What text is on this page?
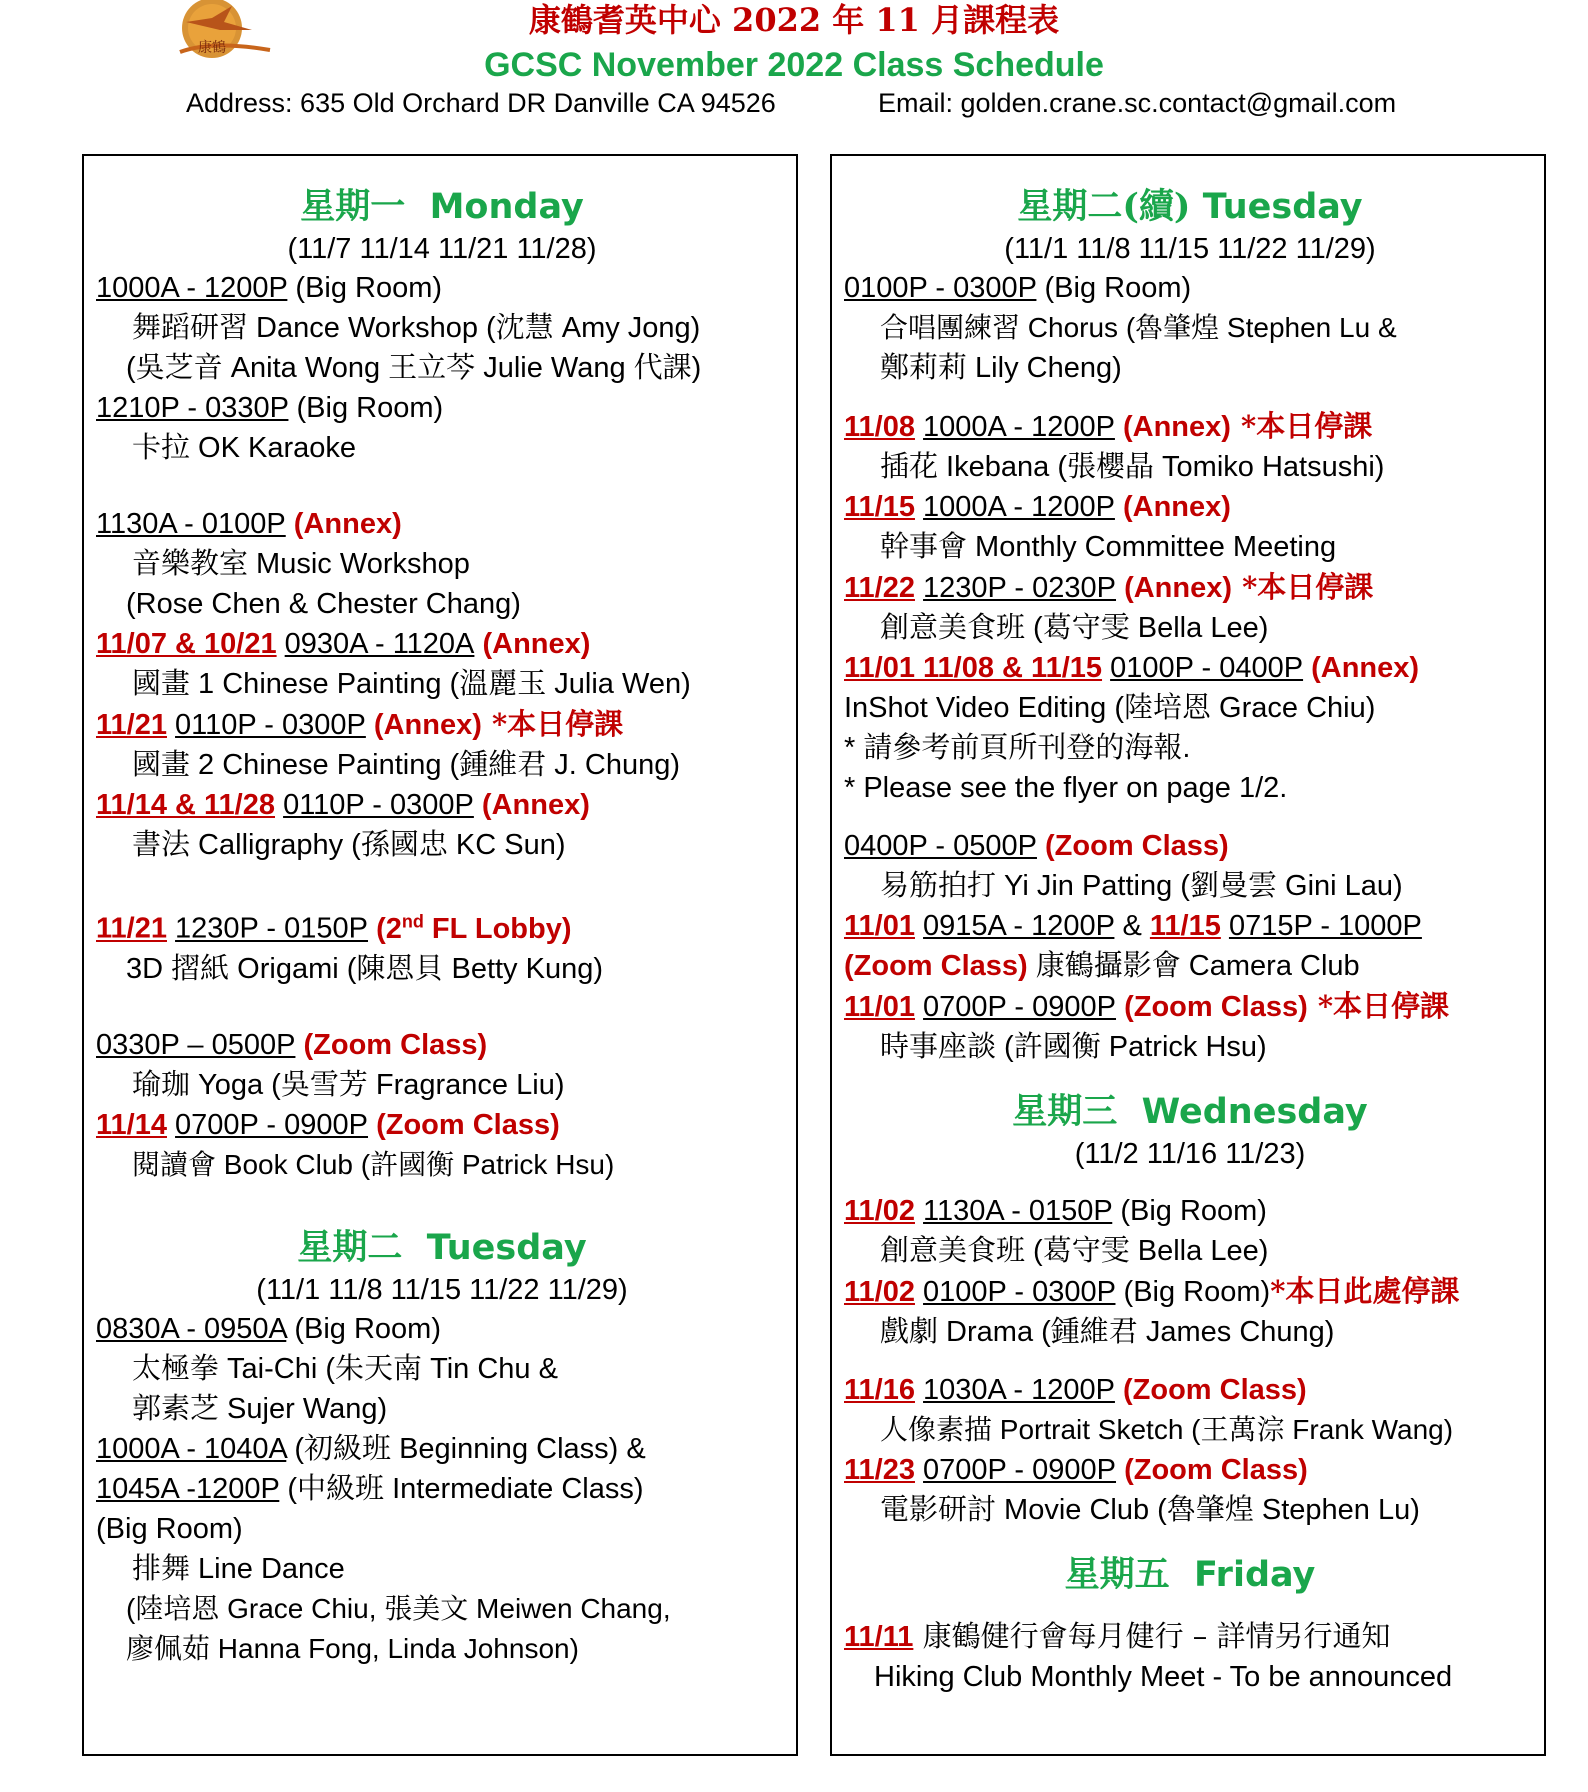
康鶴
康鶴耆英中心 2022 年 11 月課程表
GCSC November 2022 Class Schedule
Address: 635 Old Orchard DR Danville CA 94526	Email: golden.crane.sc.contact@gmail.com
星期一 Monday
(11/7 11/14 11/21 11/28)
1000A - 1200P (Big Room)
舞蹈研習 Dance Workshop (沈慧 Amy Jong)
(吳芝音 Anita Wong 王立芩 Julie Wang 代課)
1210P - 0330P (Big Room)
卡拉 OK Karaoke
1130A - 0100P (Annex)
音樂教室 Music Workshop
(Rose Chen & Chester Chang)
11/07 & 10/21 0930A - 1120A (Annex)
國畫 1 Chinese Painting (溫麗玉 Julia Wen)
11/21 0110P - 0300P (Annex) *本日停課
國畫 2 Chinese Painting (鍾維君 J. Chung)
11/14 & 11/28 0110P - 0300P (Annex)
書法 Calligraphy (孫國忠 KC Sun)
11/21 1230P - 0150P (2nd FL Lobby)
3D 摺紙 Origami (陳恩貝 Betty Kung)
0330P – 0500P (Zoom Class)
瑜珈 Yoga (吳雪芳 Fragrance Liu)
11/14 0700P - 0900P (Zoom Class)
閱讀會 Book Club (許國衡 Patrick Hsu)
星期二 Tuesday
(11/1 11/8 11/15 11/22 11/29)
0830A - 0950A (Big Room)
太極拳 Tai-Chi (朱天南 Tin Chu &
郭素芝 Sujer Wang)
1000A - 1040A (初級班 Beginning Class) &
1045A -1200P (中級班 Intermediate Class)
(Big Room)
排舞 Line Dance
(陸培恩 Grace Chiu, 張美文 Meiwen Chang,
廖佩茹 Hanna Fong, Linda Johnson)
星期二(續) Tuesday
(11/1 11/8 11/15 11/22 11/29)
0100P - 0300P (Big Room)
合唱團練習 Chorus (魯肇煌 Stephen Lu &
鄭莉莉 Lily Cheng)
11/08 1000A - 1200P (Annex) *本日停課
插花 Ikebana (張櫻晶 Tomiko Hatsushi)
11/15 1000A - 1200P (Annex)
幹事會 Monthly Committee Meeting
11/22 1230P - 0230P (Annex) *本日停課
創意美食班 (葛守雯 Bella Lee)
11/01 11/08 & 11/15 0100P - 0400P (Annex)
InShot Video Editing (陸培恩 Grace Chiu)
* 請參考前頁所刊登的海報.
* Please see the flyer on page 1/2.
0400P - 0500P (Zoom Class)
易筋拍打 Yi Jin Patting (劉曼雲 Gini Lau)
11/01 0915A - 1200P & 11/15 0715P - 1000P
(Zoom Class) 康鶴攝影會 Camera Club
11/01 0700P - 0900P (Zoom Class) *本日停課
時事座談 (許國衡 Patrick Hsu)
星期三 Wednesday
(11/2 11/16 11/23)
11/02 1130A - 0150P (Big Room)
創意美食班 (葛守雯 Bella Lee)
11/02 0100P - 0300P (Big Room)*本日此處停課
戲劇 Drama (鍾維君 James Chung)
11/16 1030A - 1200P (Zoom Class)
人像素描 Portrait Sketch (王萬淙 Frank Wang)
11/23 0700P - 0900P (Zoom Class)
電影研討 Movie Club (魯肇煌 Stephen Lu)
星期五 Friday
11/11 康鶴健行會每月健行 – 詳情另行通知
Hiking Club Monthly Meet - To be announced
